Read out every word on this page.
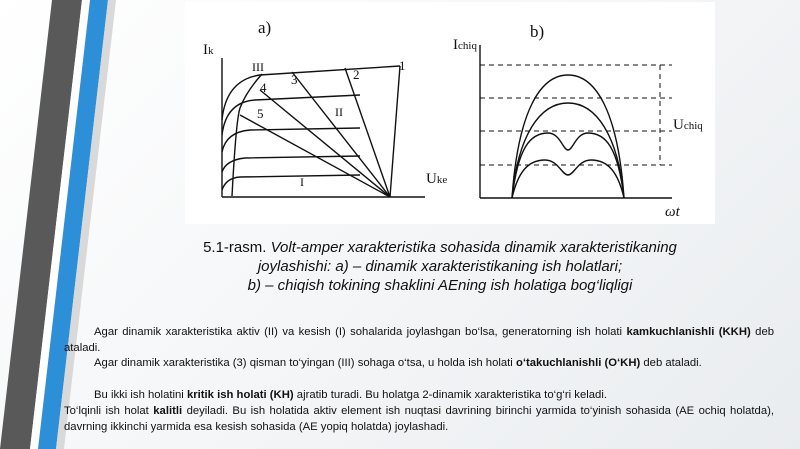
a)
Ik
Uke
III
II
I
1
2
3
4
5
b)
Ichiq
Uchiq
ωt
5.1-rasm. Volt-amper xarakteristika sohasida dinamik xarakteristikaning
joylashishi: a) – dinamik xarakteristikaning ish holatlari;
b) – chiqish tokining shaklini AEning ish holatiga bog‘liqligi
Agar dinamik xarakteristika aktiv (II) va kesish (I) sohalarida joylashgan bo‘lsa, generatorning ish holati kamkuchlanishli (KKH) deb ataladi.
Agar dinamik xarakteristika (3) qisman to‘yingan (III) sohaga o‘tsa, u holda ish holati o‘takuchlanishli (O‘KH) deb ataladi.
Bu ikki ish holatini kritik ish holati (KH) ajratib turadi. Bu holatga 2-dinamik xarakteristika to‘g‘ri keladi.
To‘lqinli ish holat kalitli deyiladi. Bu ish holatida aktiv element ish nuqtasi davrining birinchi yarmida to‘yinish sohasida (AE ochiq holatda), davrning ikkinchi yarmida esa kesish sohasida (AE yopiq holatda) joylashadi.
